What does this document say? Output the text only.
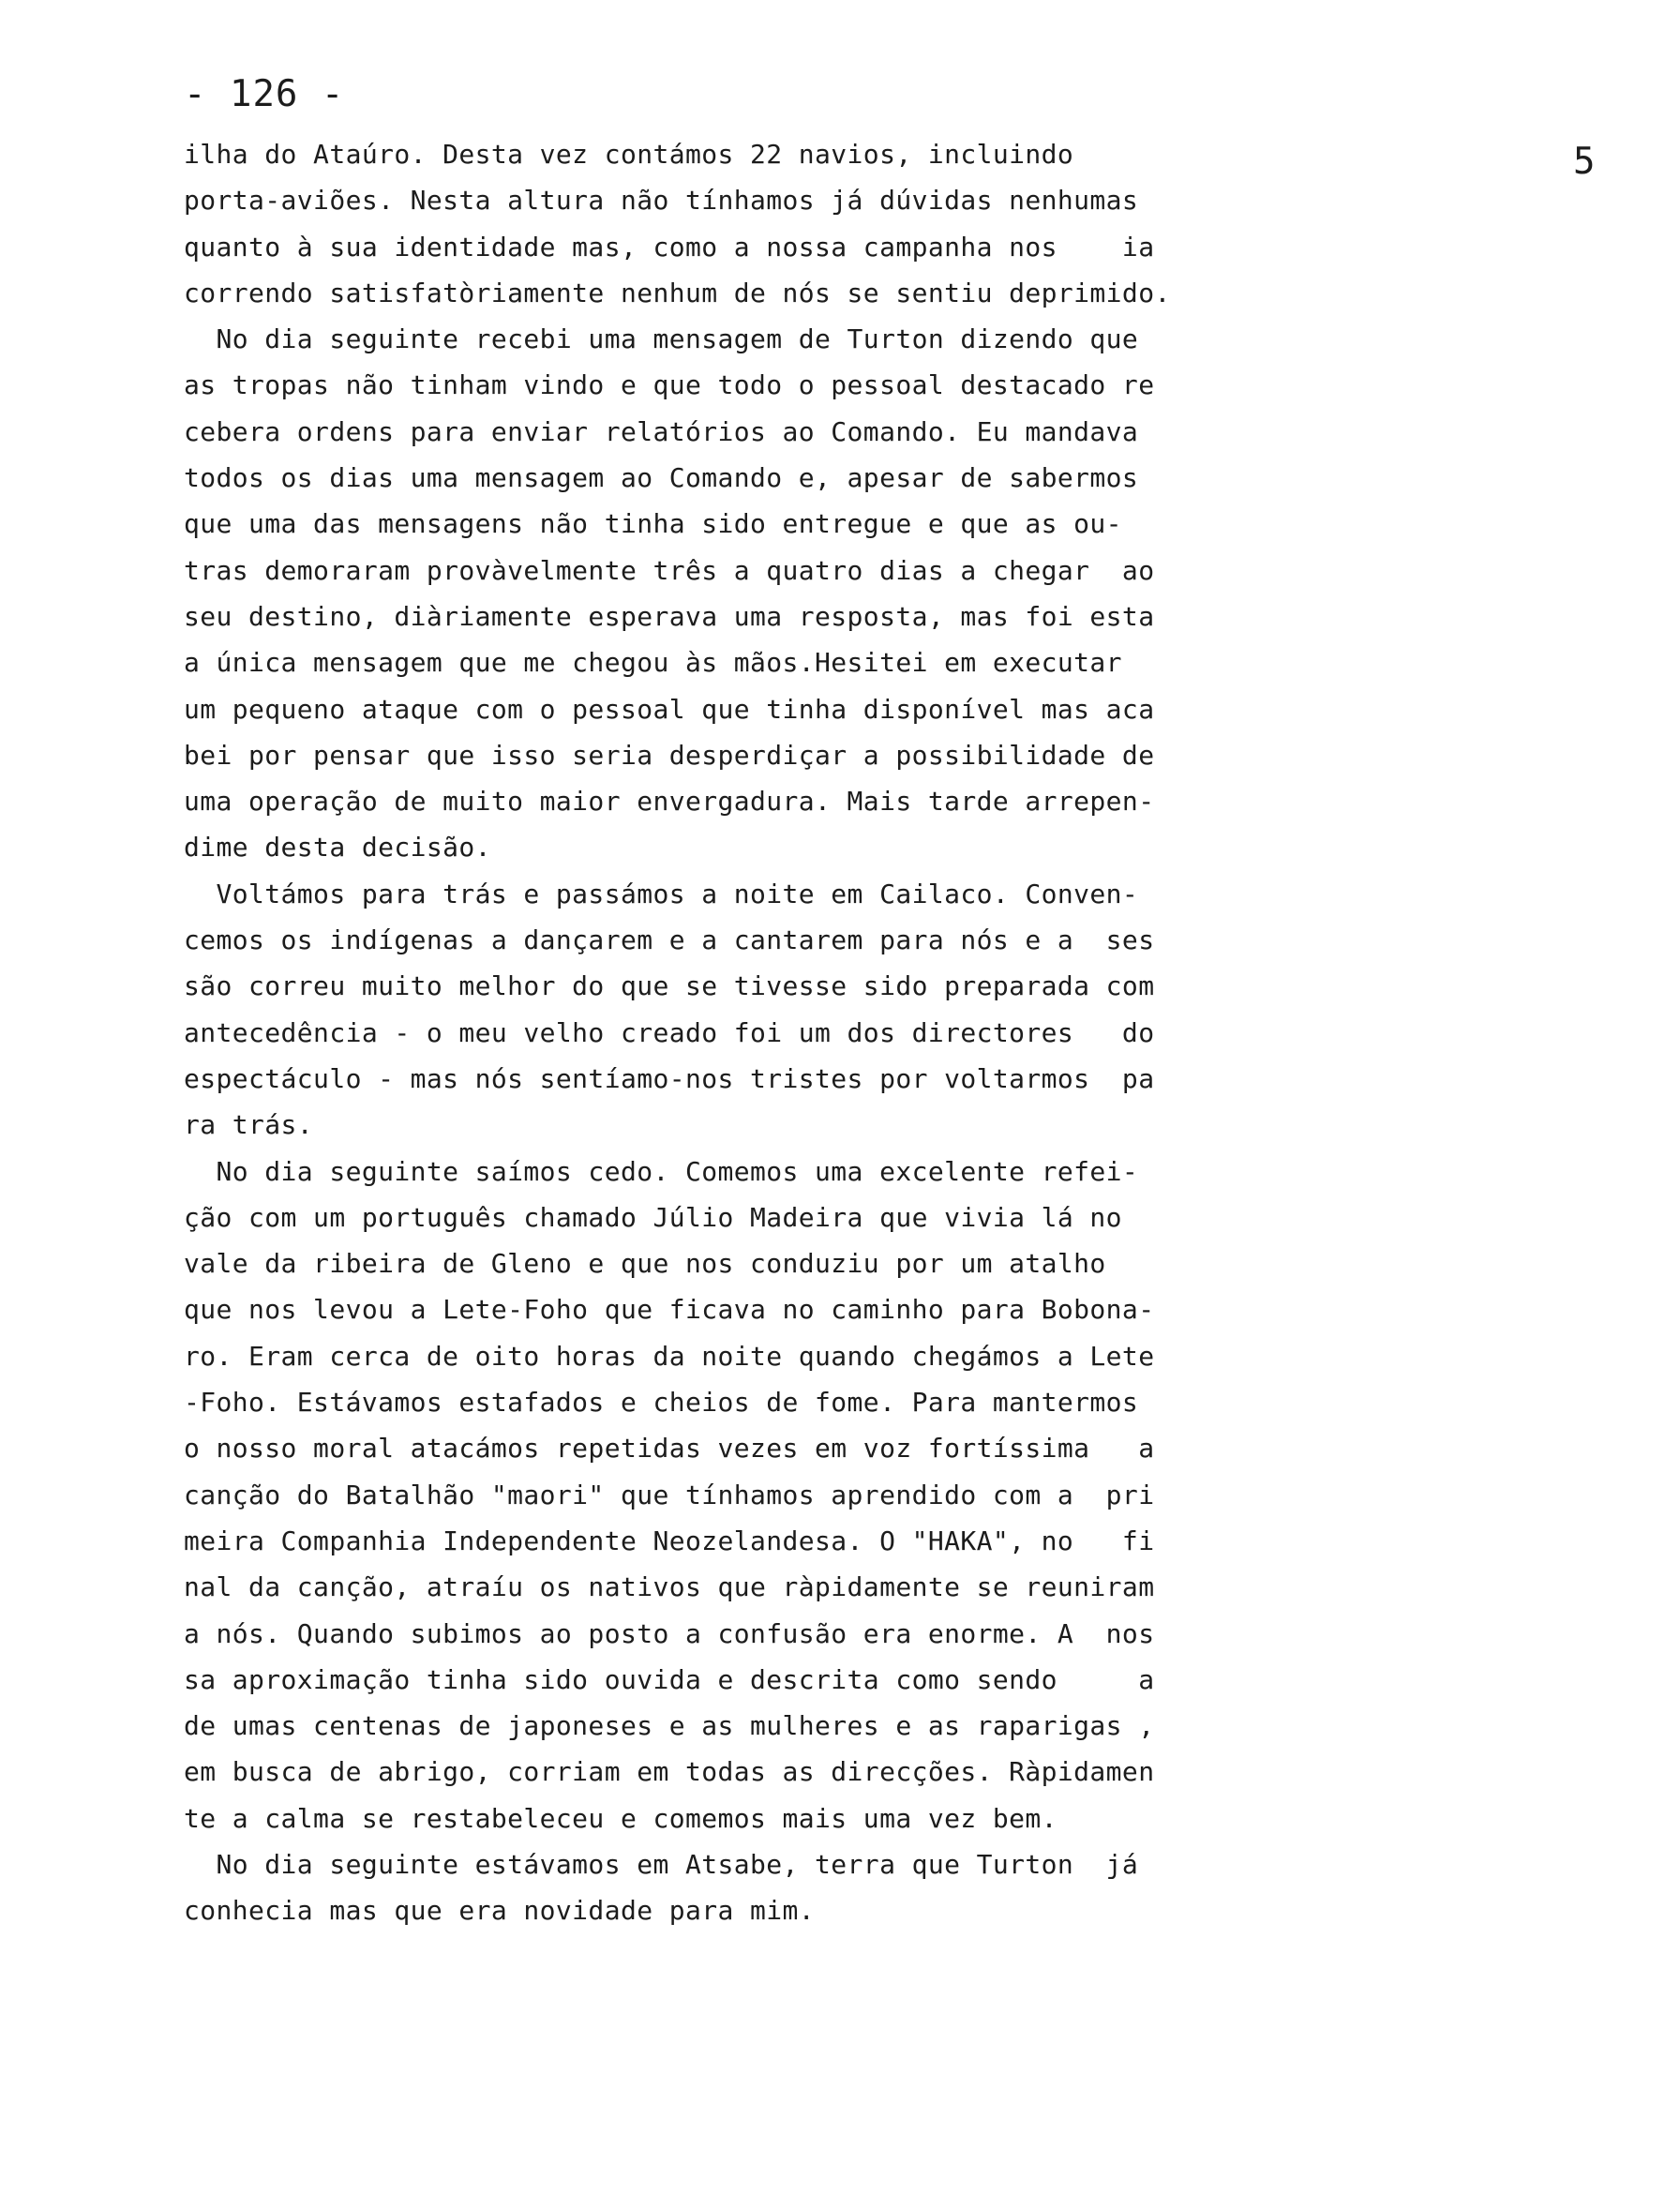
- 126 -
5
ilha do Ataúro. Desta vez contámos 22 navios, incluindo
porta-aviões. Nesta altura não tínhamos já dúvidas nenhumas
quanto à sua identidade mas, como a nossa campanha nos    ia
correndo satisfatòriamente nenhum de nós se sentiu deprimido.
No dia seguinte recebi uma mensagem de Turton dizendo que
as tropas não tinham vindo e que todo o pessoal destacado re
cebera ordens para enviar relatórios ao Comando. Eu mandava
todos os dias uma mensagem ao Comando e, apesar de sabermos
que uma das mensagens não tinha sido entregue e que as ou-
tras demoraram provàvelmente três a quatro dias a chegar  ao
seu destino, diàriamente esperava uma resposta, mas foi esta
a única mensagem que me chegou às mãos.Hesitei em executar
um pequeno ataque com o pessoal que tinha disponível mas aca
bei por pensar que isso seria desperdiçar a possibilidade de
uma operação de muito maior envergadura. Mais tarde arrepen-
dime desta decisão.
Voltámos para trás e passámos a noite em Cailaco. Conven-
cemos os indígenas a dançarem e a cantarem para nós e a  ses
são correu muito melhor do que se tivesse sido preparada com
antecedência - o meu velho creado foi um dos directores   do
espectáculo - mas nós sentíamo-nos tristes por voltarmos  pa
ra trás.
No dia seguinte saímos cedo. Comemos uma excelente refei-
ção com um português chamado Júlio Madeira que vivia lá no
vale da ribeira de Gleno e que nos conduziu por um atalho
que nos levou a Lete-Foho que ficava no caminho para Bobona-
ro. Eram cerca de oito horas da noite quando chegámos a Lete
-Foho. Estávamos estafados e cheios de fome. Para mantermos
o nosso moral atacámos repetidas vezes em voz fortíssima   a
canção do Batalhão "maori" que tínhamos aprendido com a  pri
meira Companhia Independente Neozelandesa. O "HAKA", no   fi
nal da canção, atraíu os nativos que ràpidamente se reuniram
a nós. Quando subimos ao posto a confusão era enorme. A  nos
sa aproximação tinha sido ouvida e descrita como sendo     a
de umas centenas de japoneses e as mulheres e as raparigas ,
em busca de abrigo, corriam em todas as direcções. Ràpidamen
te a calma se restabeleceu e comemos mais uma vez bem.
No dia seguinte estávamos em Atsabe, terra que Turton  já
conhecia mas que era novidade para mim.
